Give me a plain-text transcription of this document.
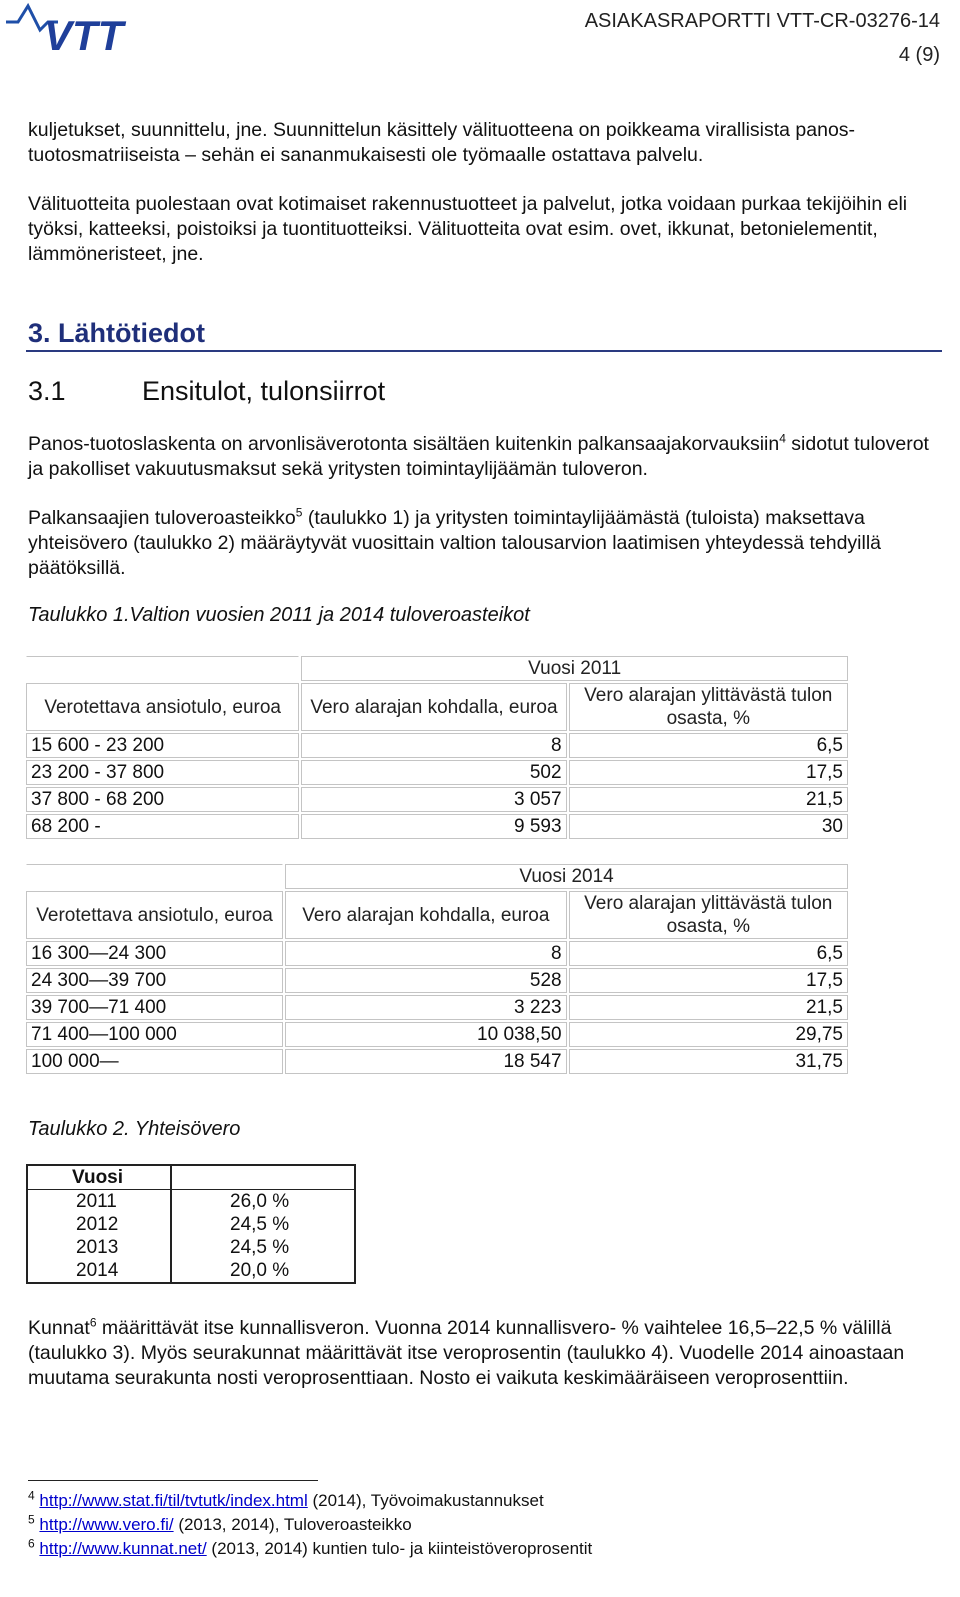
VTT	ASIAKASRAPORTTI VTT-CR-03276-14
4 (9)
kuljetukset, suunnittelu, jne. Suunnittelun käsittely välituotteena on poikkeama virallisista panos-tuotosmatriiseista – sehän ei sananmukaisesti ole työmaalle ostattava palvelu.
Välituotteita puolestaan ovat kotimaiset rakennustuotteet ja palvelut, jotka voidaan purkaa tekijöihin eli työksi, katteeksi, poistoiksi ja tuontituotteiksi. Välituotteita ovat esim. ovet, ikkunat, betonielementit, lämmöneristeet, jne.
3. Lähtötiedot
3.1	Ensitulot, tulonsiirrot
Panos-tuotoslaskenta on arvonlisäverotonta sisältäen kuitenkin palkansaajakorvauksiin$^4$ sidotut tuloverot ja pakolliset vakuutusmaksut sekä yritysten toimintaylijäämän tuloveron.
Palkansaajien tuloveroasteikko$^5$ (taulukko 1) ja yritysten toimintaylijäämästä (tuloista) maksettava yhteisövero (taulukko 2) määräytyvät vuosittain valtion talousarvion laatimisen yhteydessä tehdyillä päätöksillä.
Taulukko 1.Valtion vuosien 2011 ja 2014 tuloveroasteikot
	Vuosi 2011	
Verotettava ansiotulo, euroa	Vero alarajan kohdalla, euroa	Vero alarajan ylittävästä tulon osasta, %
15 600 - 23 200	8	6,5
23 200 - 37 800	502	17,5
37 800 - 68 200	3 057	21,5
68 200 -	9 593	30
	Vuosi 2014	
Verotettava ansiotulo, euroa	Vero alarajan kohdalla, euroa	Vero alarajan ylittävästä tulon osasta, %
16 300—24 300	8	6,5
24 300—39 700	528	17,5
39 700—71 400	3 223	21,5
71 400—100 000	10 038,50	29,75
100 000—	18 547	31,75
Taulukko 2. Yhteisövero
Vuosi	
2011	26,0 %
2012	24,5 %
2013	24,5 %
2014	20,0 %
Kunnat$^6$ määrittävät itse kunnallisveron. Vuonna 2014 kunnallisvero- % vaihtelee 16,5–22,5 % välillä (taulukko 3). Myös seurakunnat määrittävät itse veroprosentin (taulukko 4). Vuodelle 2014 ainoastaan muutama seurakunta nosti veroprosenttiaan. Nosto ei vaikuta keskimääräiseen veroprosenttiin.
$^4$ http://www.stat.fi/til/tvtutk/index.html (2014), Työvoimakustannukset
$^5$ http://www.vero.fi/ (2013, 2014), Tuloveroasteikko
$^6$ http://www.kunnat.net/ (2013, 2014) kuntien tulo- ja kiinteistöveroprosentit
